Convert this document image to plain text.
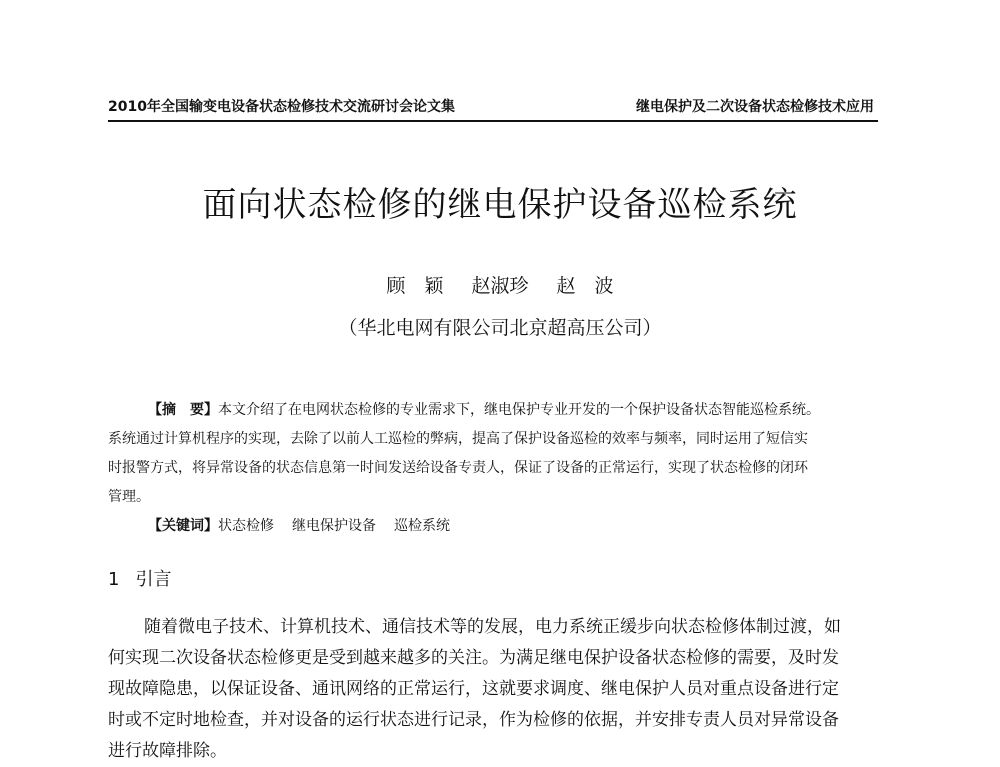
2010年全国输变电设备状态检修技术交流研讨会论文集	继电保护及二次设备状态检修技术应用
面向状态检修的继电保护设备巡检系统
顾　颖 赵淑珍 赵　波
（华北电网有限公司北京超高压公司）
【摘　要】本文介绍了在电网状态检修的专业需求下，继电保护专业开发的一个保护设备状态智能巡检系统。
系统通过计算机程序的实现，去除了以前人工巡检的弊病，提高了保护设备巡检的效率与频率，同时运用了短信实
时报警方式，将异常设备的状态信息第一时间发送给设备专责人，保证了设备的正常运行，实现了状态检修的闭环
管理。
【关键词】状态检修 继电保护设备 巡检系统
1 引言
随着微电子技术、计算机技术、通信技术等的发展，电力系统正缓步向状态检修体制过渡，如
何实现二次设备状态检修更是受到越来越多的关注。为满足继电保护设备状态检修的需要，及时发
现故障隐患，以保证设备、通讯网络的正常运行，这就要求调度、继电保护人员对重点设备进行定
时或不定时地检查，并对设备的运行状态进行记录，作为检修的依据，并安排专责人员对异常设备
进行故障排除。
